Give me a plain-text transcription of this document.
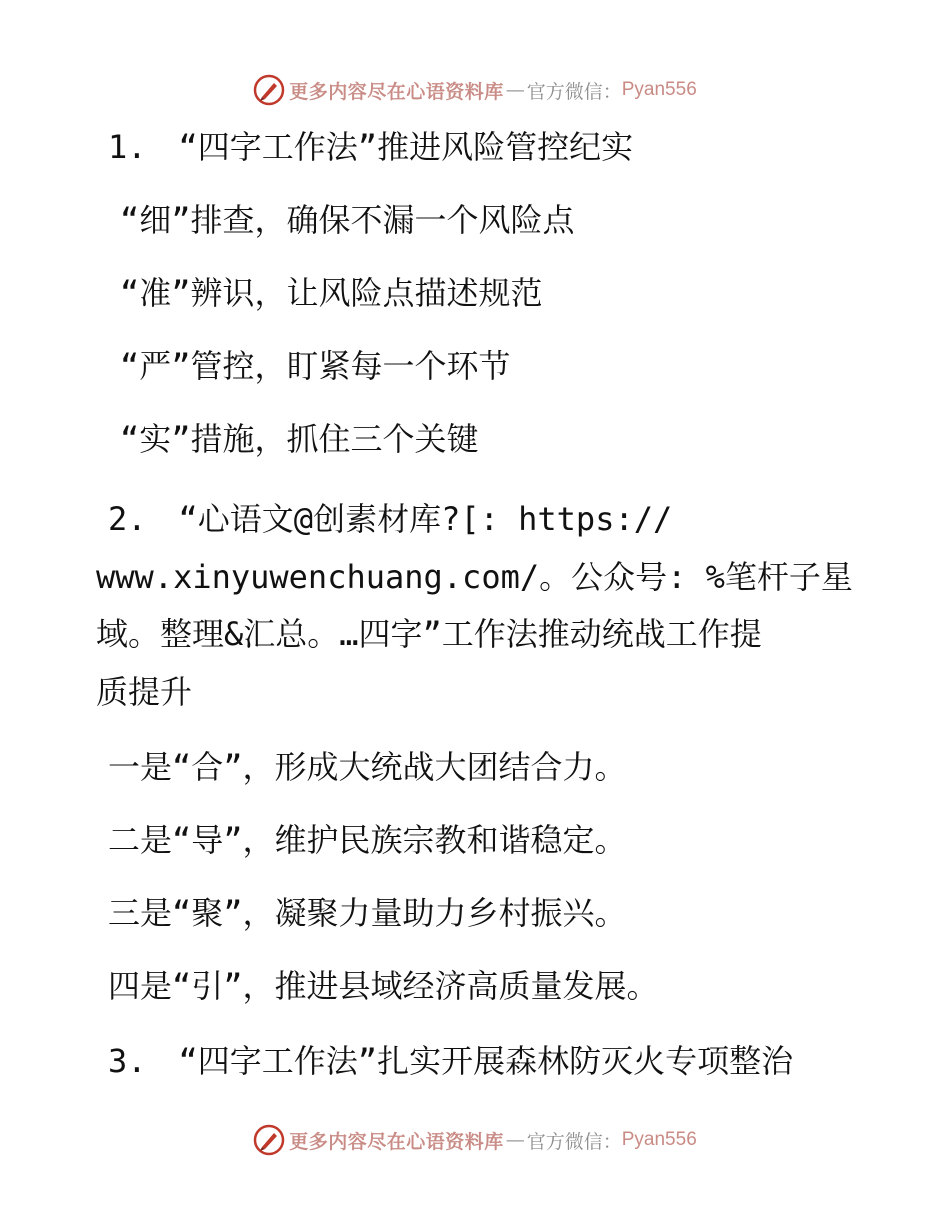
更多内容尽在心语资料库 — 官方微信： Pyan556
1.　“四字工作法”推进风险管控纪实
“细”排查，确保不漏一个风险点
“准”辨识，让风险点描述规范
“严”管控，盯紧每一个环节
“实”措施，抓住三个关键
2.　“心语文@创素材库?[: https://
www.xinyuwenchuang.com/。公众号: %笔杆子星
域。整理&汇总。…四字”工作法推动统战工作提
质提升
一是“合”，形成大统战大团结合力。
二是“导”，维护民族宗教和谐稳定。
三是“聚”，凝聚力量助力乡村振兴。
四是“引”，推进县域经济高质量发展。
3.　“四字工作法”扎实开展森林防灭火专项整治
更多内容尽在心语资料库 — 官方微信： Pyan556
